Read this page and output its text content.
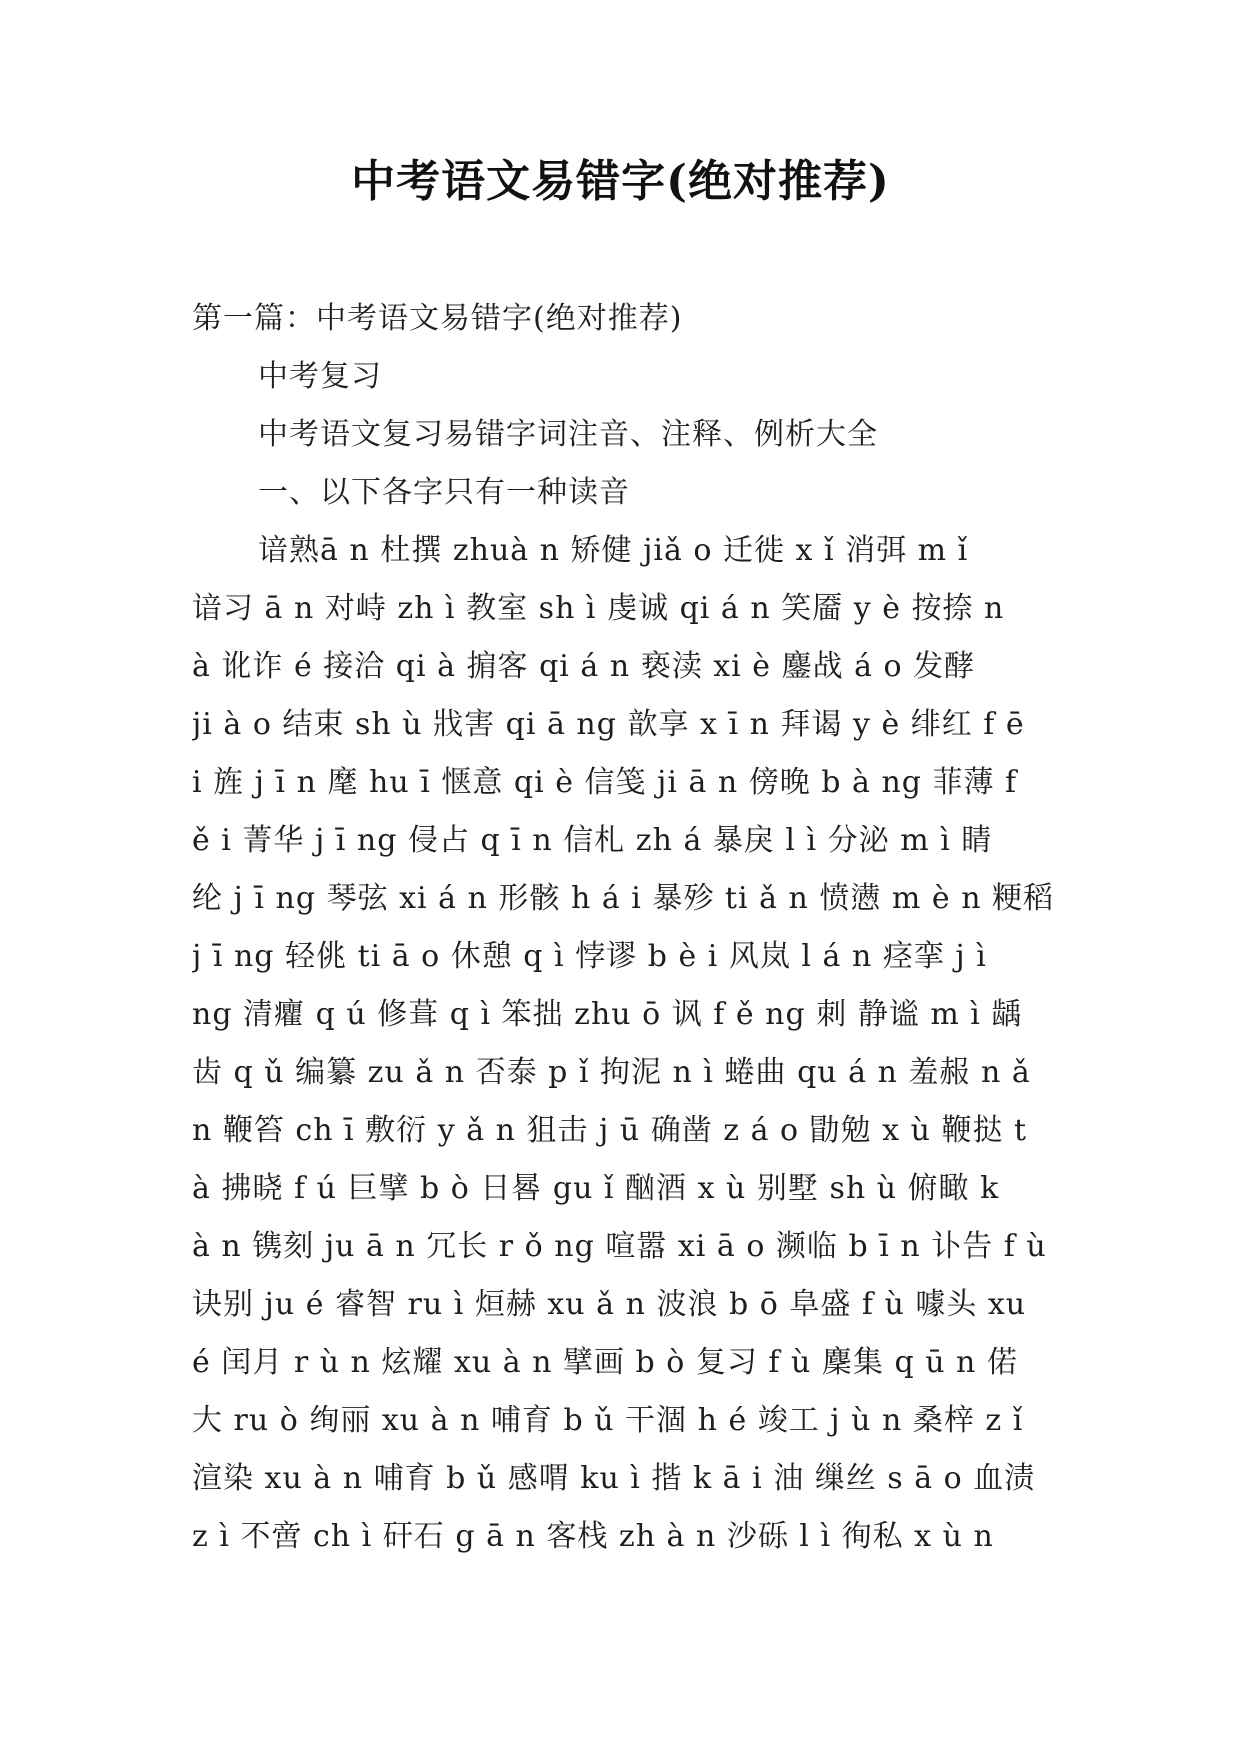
中考语文易错字(绝对推荐)
第一篇：中考语文易错字(绝对推荐)
中考复习
中考语文复习易错字词注音、注释、例析大全
一、以下各字只有一种读音
谙熟ā n 杜撰 zhuà n 矫健 jiǎ o 迁徙 x ǐ 消弭 m ǐ
谙习 ā n 对峙 zh ì 教室 sh ì 虔诚 qi á n 笑靥 y è 按捺 n
à 讹诈 é 接洽 qi à 掮客 qi á n 亵渎 xi è 鏖战 á o 发酵
ji à o 结束 sh ù 戕害 qi ā ng 歆享 x ī n 拜谒 y è 绯红 f ē
i 旌 j ī n 麾 hu ī 惬意 qi è 信笺 ji ā n 傍晚 b à ng 菲薄 f
ě i 菁华 j ī ng 侵占 q ī n 信札 zh á 暴戾 l ì 分泌 m ì 睛
纶 j ī ng 琴弦 xi á n 形骸 h á i 暴殄 ti ǎ n 愤懑 m è n 粳稻
j ī ng 轻佻 ti ā o 休憩 q ì 悖谬 b è i 风岚 l á n 痉挛 j ì
ng 清癯 q ú 修葺 q ì 笨拙 zhu ō 讽 f ě ng 刺 静谧 m ì 龋
齿 q ǔ 编纂 zu ǎ n 否泰 p ǐ 拘泥 n ì 蜷曲 qu á n 羞赧 n ǎ
n 鞭笞 ch ī 敷衍 y ǎ n 狙击 j ū 确凿 z á o 勖勉 x ù 鞭挞 t
à 拂晓 f ú 巨擘 b ò 日晷 gu ǐ 酗酒 x ù 别墅 sh ù 俯瞰 k
à n 镌刻 ju ā n 冗长 r ǒ ng 喧嚣 xi ā o 濒临 b ī n 讣告 f ù
诀别 ju é 睿智 ru ì 烜赫 xu ǎ n 波浪 b ō 阜盛 f ù 噱头 xu
é 闰月 r ù n 炫耀 xu à n 擘画 b ò 复习 f ù 麇集 q ū n 偌
大 ru ò 绚丽 xu à n 哺育 b ǔ 干涸 h é 竣工 j ù n 桑梓 z ǐ
渲染 xu à n 哺育 b ǔ 感喟 ku ì 揩 k ā i 油 缫丝 s ā o 血渍
z ì 不啻 ch ì 矸石 g ā n 客栈 zh à n 沙砾 l ì 徇私 x ù n
